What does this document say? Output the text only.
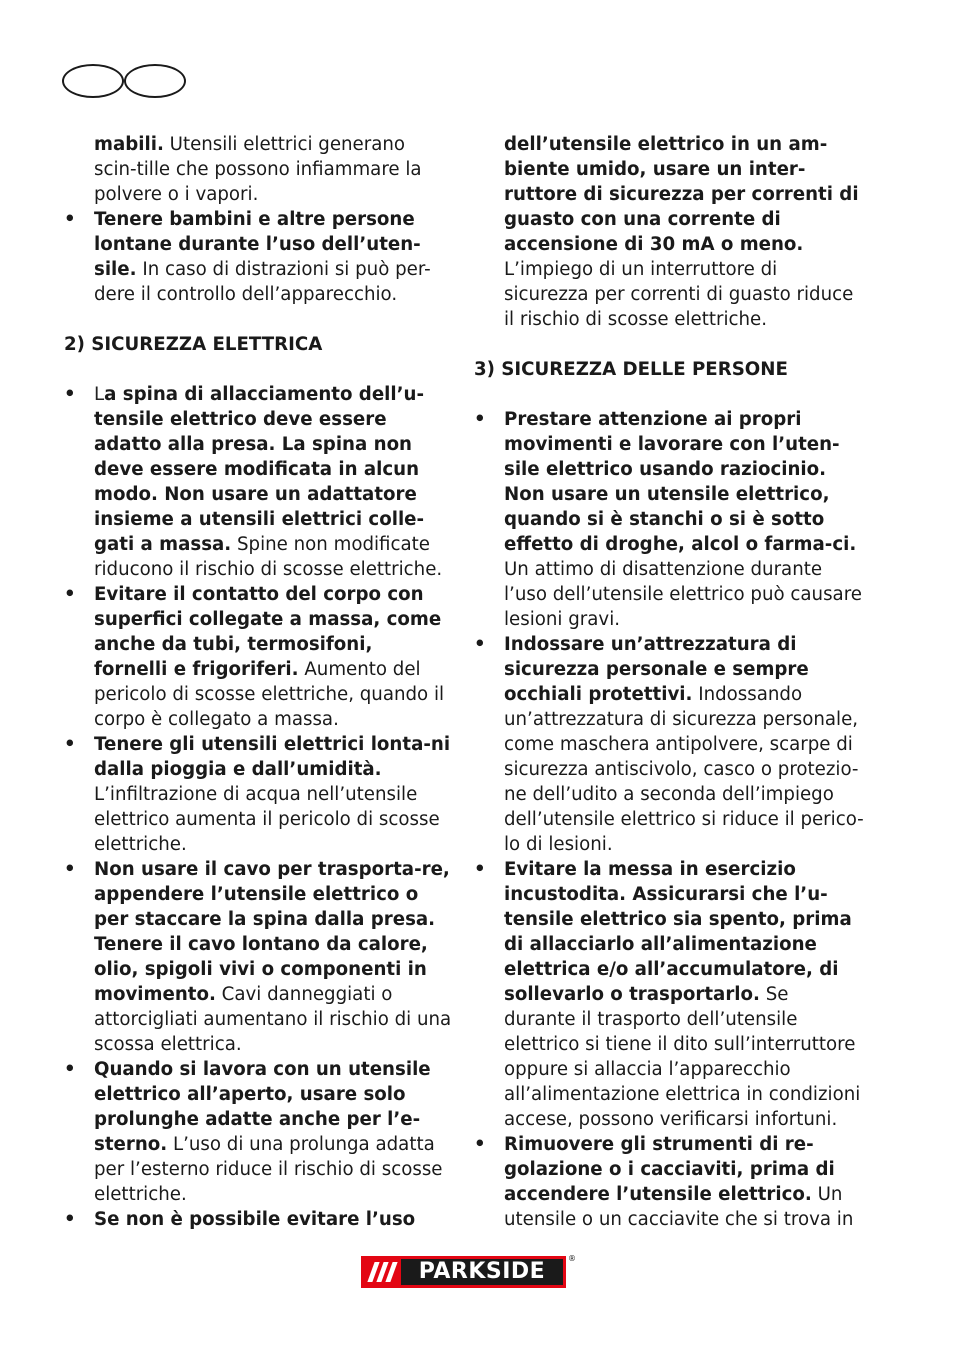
mabili. Utensili elettrici generano scin-tille che possono infiammare la polvere o i vapori.

• Tenere bambini e altre persone lontane durante l’uso dell’uten-sile. In caso di distrazioni si può per-dere il controllo dell’apparecchio.

2) SICUREZZA ELETTRICA

• La spina di allacciamento dell’u-tensile elettrico deve essere adatto alla presa. La spina non deve essere modificata in alcun modo. Non usare un adattatore insieme a utensili elettrici colle-gati a massa. Spine non modificate riducono il rischio di scosse elettriche.

• Evitare il contatto del corpo con superfici collegate a massa, come anche da tubi, termosifoni, fornelli e frigoriferi. Aumento del pericolo di scosse elettriche, quando il corpo è collegato a massa.

• Tenere gli utensili elettrici lonta-ni dalla pioggia e dall’umidità. L’infiltrazione di acqua nell’utensile elettrico aumenta il pericolo di scosse elettriche.

• Non usare il cavo per trasporta-re, appendere l’utensile elettrico o per staccare la spina dalla presa. Tenere il cavo lontano da calore, olio, spigoli vivi o componenti in movimento. Cavi danneggiati o attorcigliati aumentano il rischio di una scossa elettrica.

• Quando si lavora con un utensile elettrico all’aperto, usare solo prolunghe adatte anche per l’e-sterno. L’uso di una prolunga adatta per l’esterno riduce il rischio di scosse elettriche.

• Se non è possibile evitare l’uso

dell’utensile elettrico in un am-biente umido, usare un inter-ruttore di sicurezza per correnti di guasto con una corrente di accensione di 30 mA o meno. L’impiego di un interruttore di sicurezza per correnti di guasto riduce il rischio di scosse elettriche.

3) SICUREZZA DELLE PERSONE

• Prestare attenzione ai propri movimenti e lavorare con l’uten-sile elettrico usando raziocinio. Non usare un utensile elettrico, quando si è stanchi o si è sotto effetto di droghe, alcol o farma-ci. Un attimo di disattenzione durante l’uso dell’utensile elettrico può causare lesioni gravi.

• Indossare un’attrezzatura di sicurezza personale e sempre occhiali protettivi. Indossando un’attrezzatura di sicurezza personale, come maschera antipolvere, scarpe di sicurezza antiscivolo, casco o protezio-ne dell’udito a seconda dell’impiego dell’utensile elettrico si riduce il perico-lo di lesioni.

• Evitare la messa in esercizio incustodita. Assicurarsi che l’u-tensile elettrico sia spento, prima di allacciarlo all’alimentazione elettrica e/o all’accumulatore, di sollevarlo o trasportarlo. Se durante il trasporto dell’utensile elettrico si tiene il dito sull’interruttore oppure si allaccia l’apparecchio all’alimentazione elettrica in condizioni accese, possono verificarsi infortuni.

• Rimuovere gli strumenti di re-golazione o i cacciaviti, prima di accendere l’utensile elettrico. Un utensile o un cacciavite che si trova in

PARKSIDE
®
